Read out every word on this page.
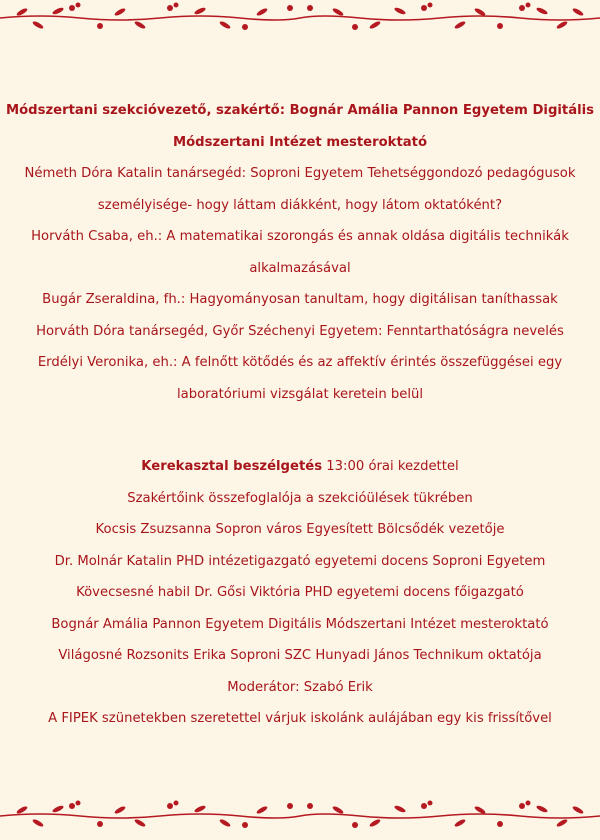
Módszertani szekcióvezető, szakértő: Bognár Amália Pannon Egyetem Digitális
Módszertani Intézet mesteroktató
Németh Dóra Katalin tanársegéd: Soproni Egyetem Tehetséggondozó pedagógusok
személyisége- hogy láttam diákként, hogy látom oktatóként?
Horváth Csaba, eh.: A matematikai szorongás és annak oldása digitális technikák
alkalmazásával
Bugár Zseraldina, fh.: Hagyományosan tanultam, hogy digitálisan taníthassak
Horváth Dóra tanársegéd, Győr Széchenyi Egyetem: Fenntarthatóságra nevelés
Erdélyi Veronika, eh.: A felnőtt kötődés és az affektív érintés összefüggései egy
laboratóriumi vizsgálat keretein belül
Kerekasztal beszélgetés 13:00 órai kezdettel
Szakértőink összefoglalója a szekcióülések tükrében
Kocsis Zsuzsanna Sopron város Egyesített Bölcsődék vezetője
Dr. Molnár Katalin PHD intézetigazgató egyetemi docens Soproni Egyetem
Kövecsesné habil Dr. Gősi Viktória PHD egyetemi docens főigazgató
Bognár Amália Pannon Egyetem Digitális Módszertani Intézet mesteroktató
Világosné Rozsonits Erika Soproni SZC Hunyadi János Technikum oktatója
Moderátor: Szabó Erik
A FIPEK szünetekben szeretettel várjuk iskolánk aulájában egy kis frissítővel
